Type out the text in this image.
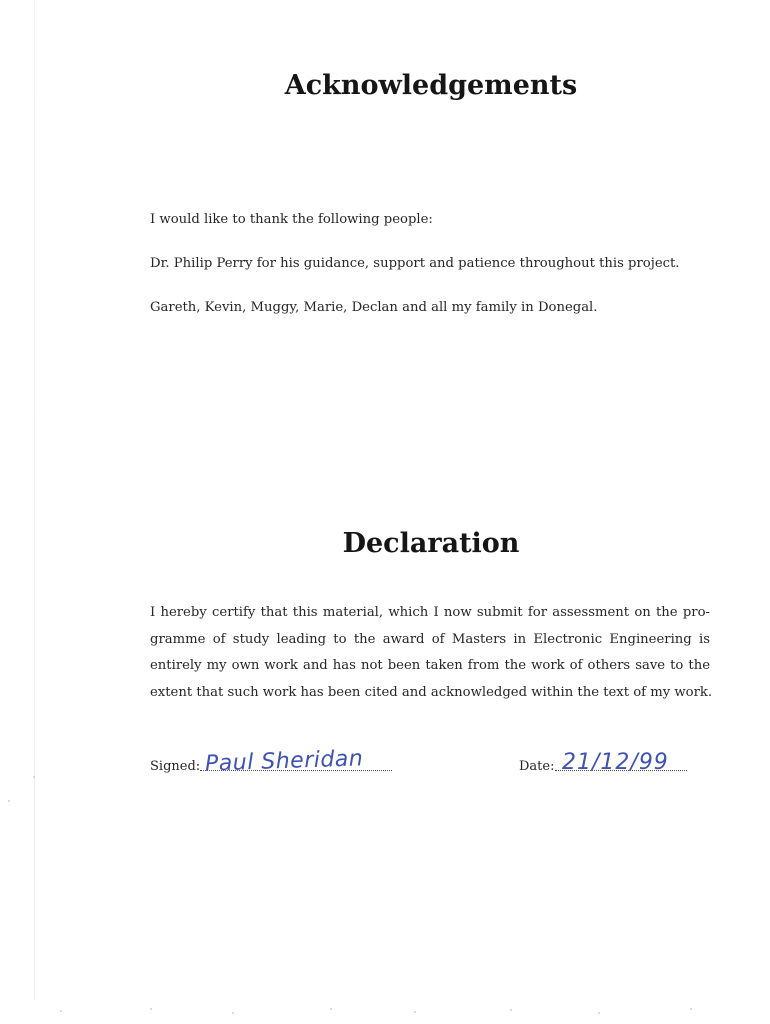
Acknowledgements

I would like to thank the following people:

Dr. Philip Perry for his guidance, support and patience throughout this project.

Gareth, Kevin, Muggy, Marie, Declan and all my family in Donegal.

Declaration
I hereby certify that this material, which I now submit for assessment on the pro-
gramme of study leading to the award of Masters in Electronic Engineering is
entirely my own work and has not been taken from the work of others save to the
extent that such work has been cited and acknowledged within the text of my work.
Signed: Paul Sheridan	Date: 21/12/99
